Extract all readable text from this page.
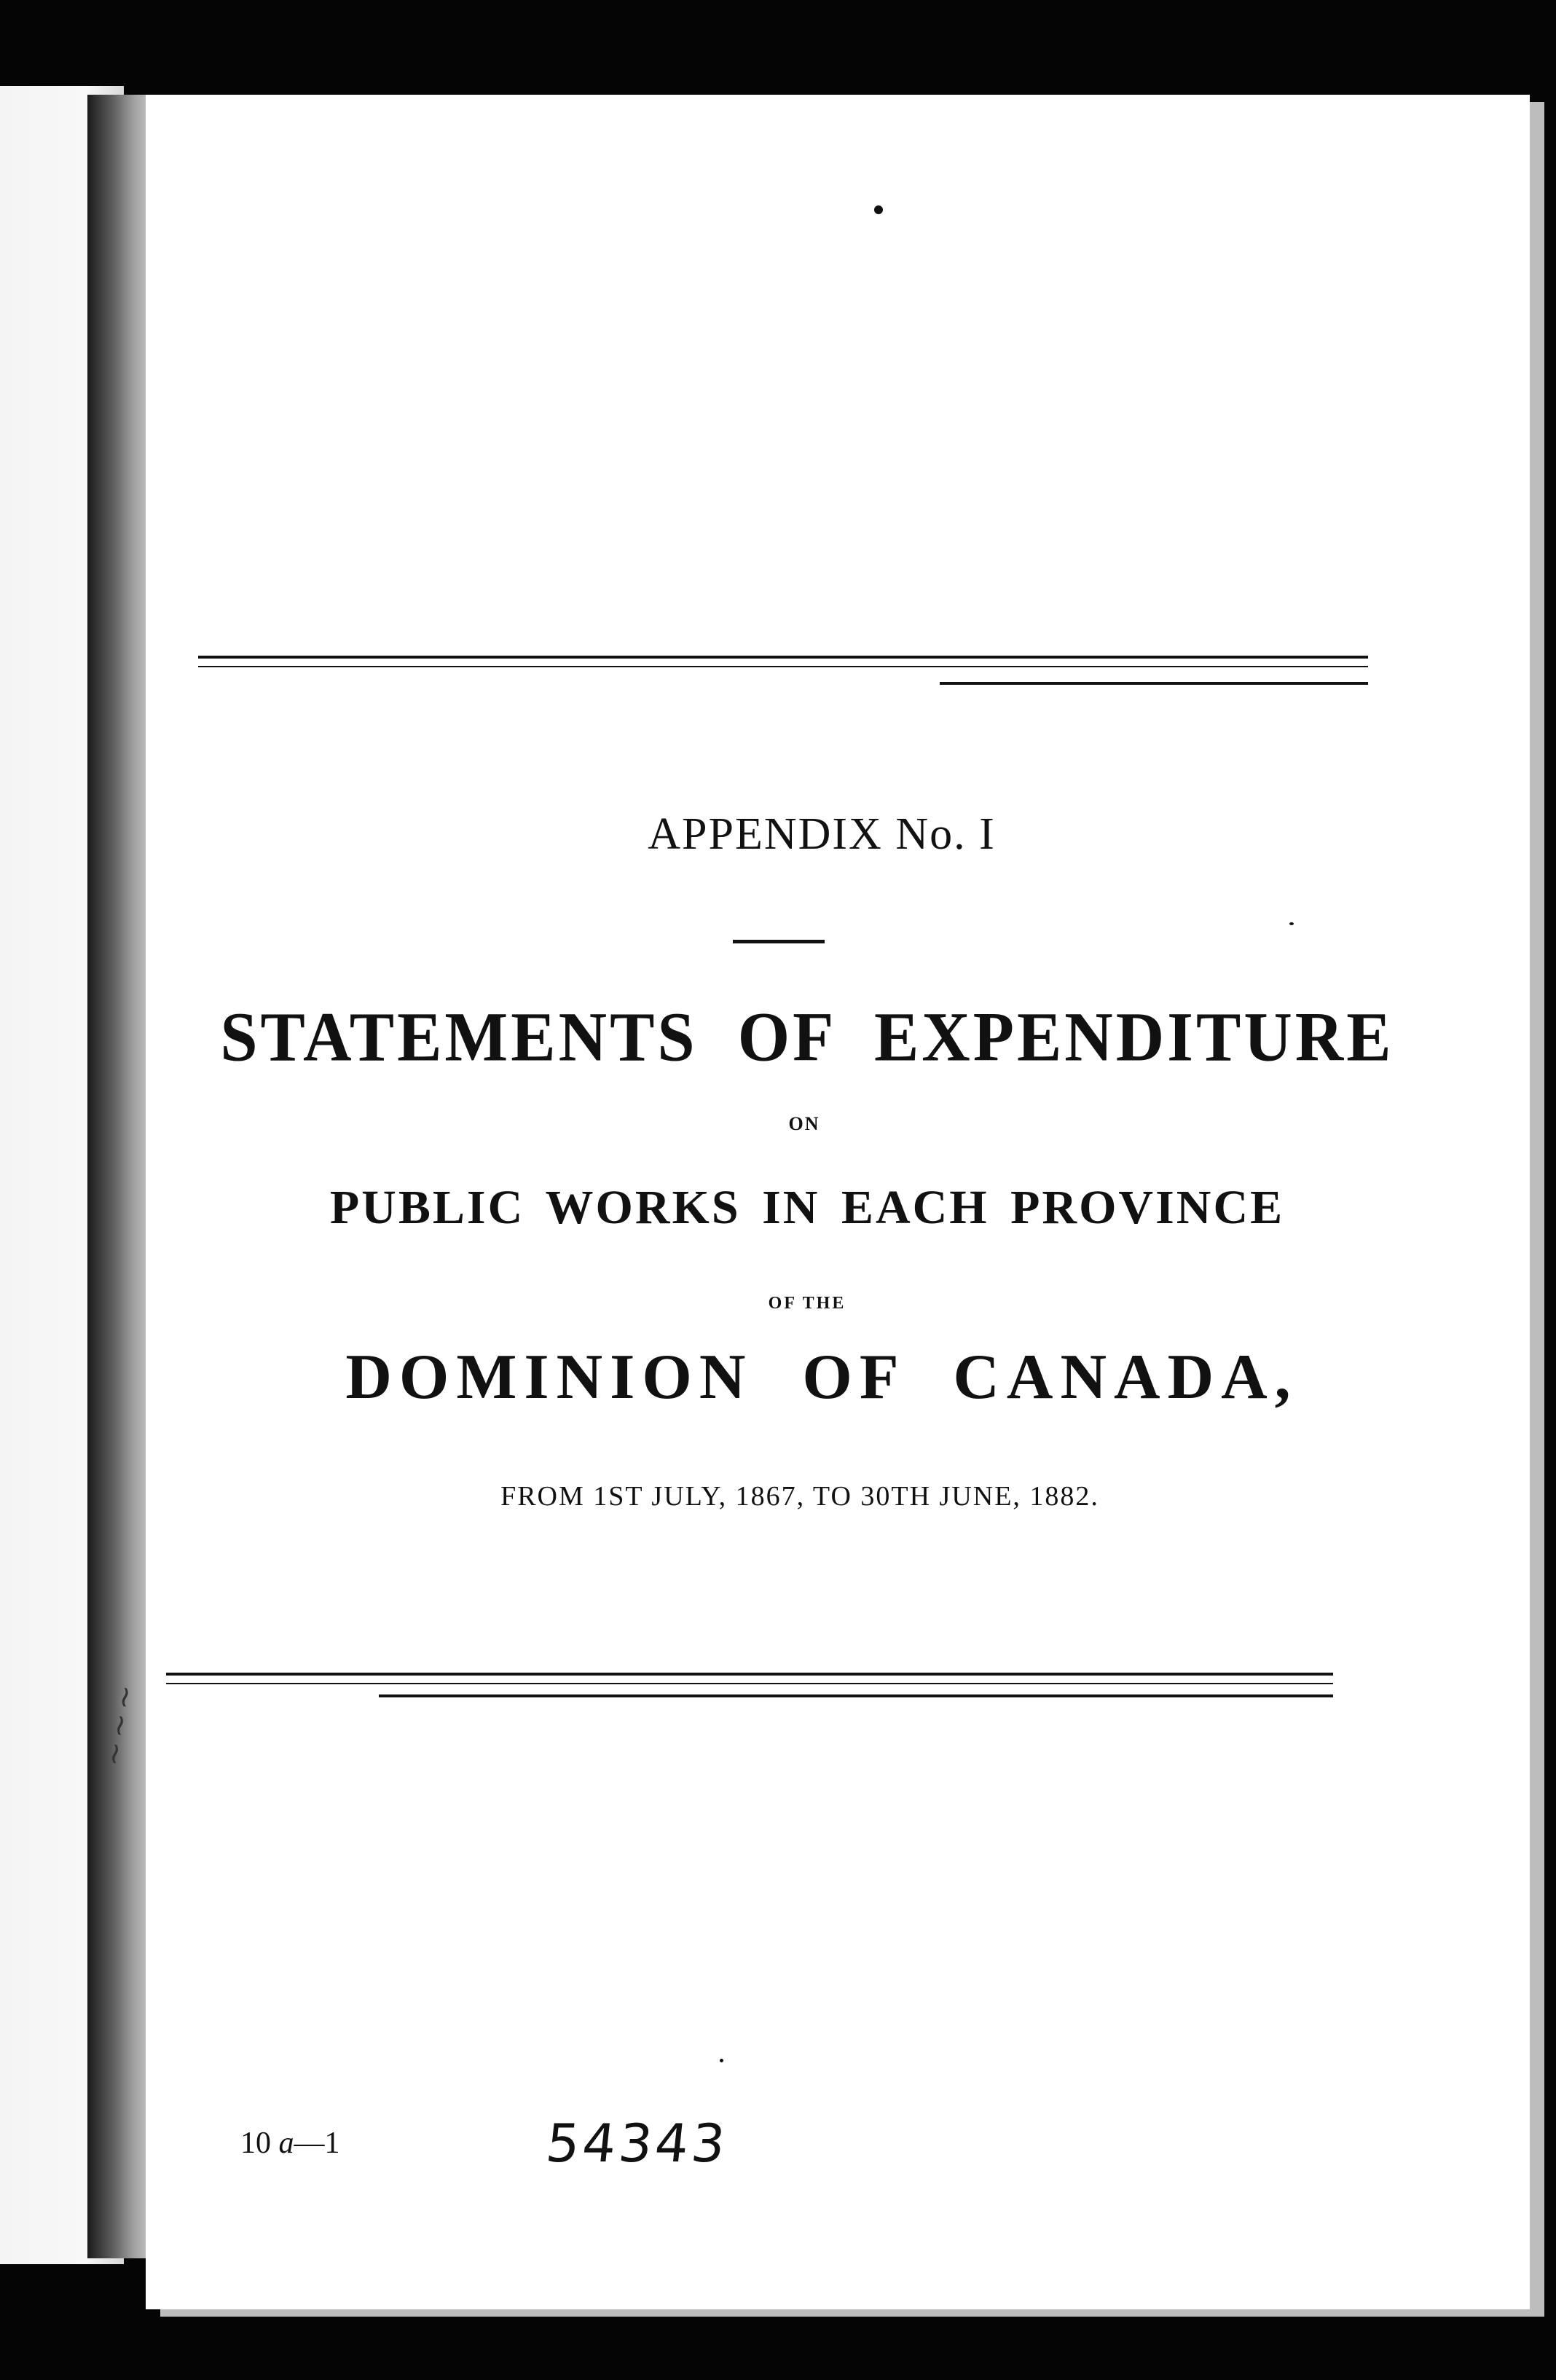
APPENDIX No. I
STATEMENTS OF EXPENDITURE
ON
PUBLIC WORKS IN EACH PROVINCE
OF THE
DOMINION OF CANADA,
FROM 1ST JULY, 1867, TO 30TH JUNE, 1882.
10 a—1	54343
